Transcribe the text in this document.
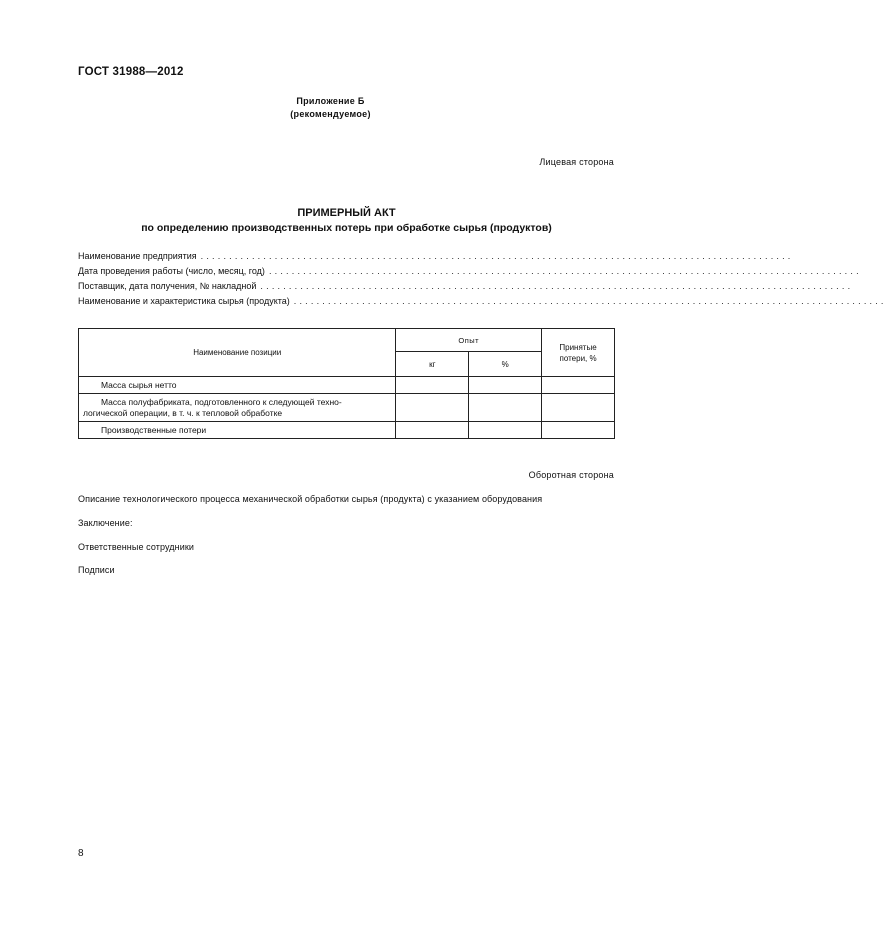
ГОСТ 31988—2012
Приложение Б
(рекомендуемое)
Лицевая сторона
ПРИМЕРНЫЙ АКТ
по определению производственных потерь при обработке сырья (продуктов)
Наименование предприятия ........................................................................................................
Дата проведения работы (число, месяц, год) ........................................................................................................
Поставщик, дата получения, № накладной ........................................................................................................
Наименование и характеристика сырья (продукта) ........................................................................................................
Наименование позиции	Опыт		Принятые
потери, %
	кг	%	
Масса сырья нетто			

Масса полуфабриката, подготовленного к следующей техно-
логической операции, в т. ч. к тепловой обработке			
Производственные потери			
Оборотная сторона
Описание технологического процесса механической обработки сырья (продукта) с указанием оборудования
Заключение:
Ответственные сотрудники
Подписи
8
